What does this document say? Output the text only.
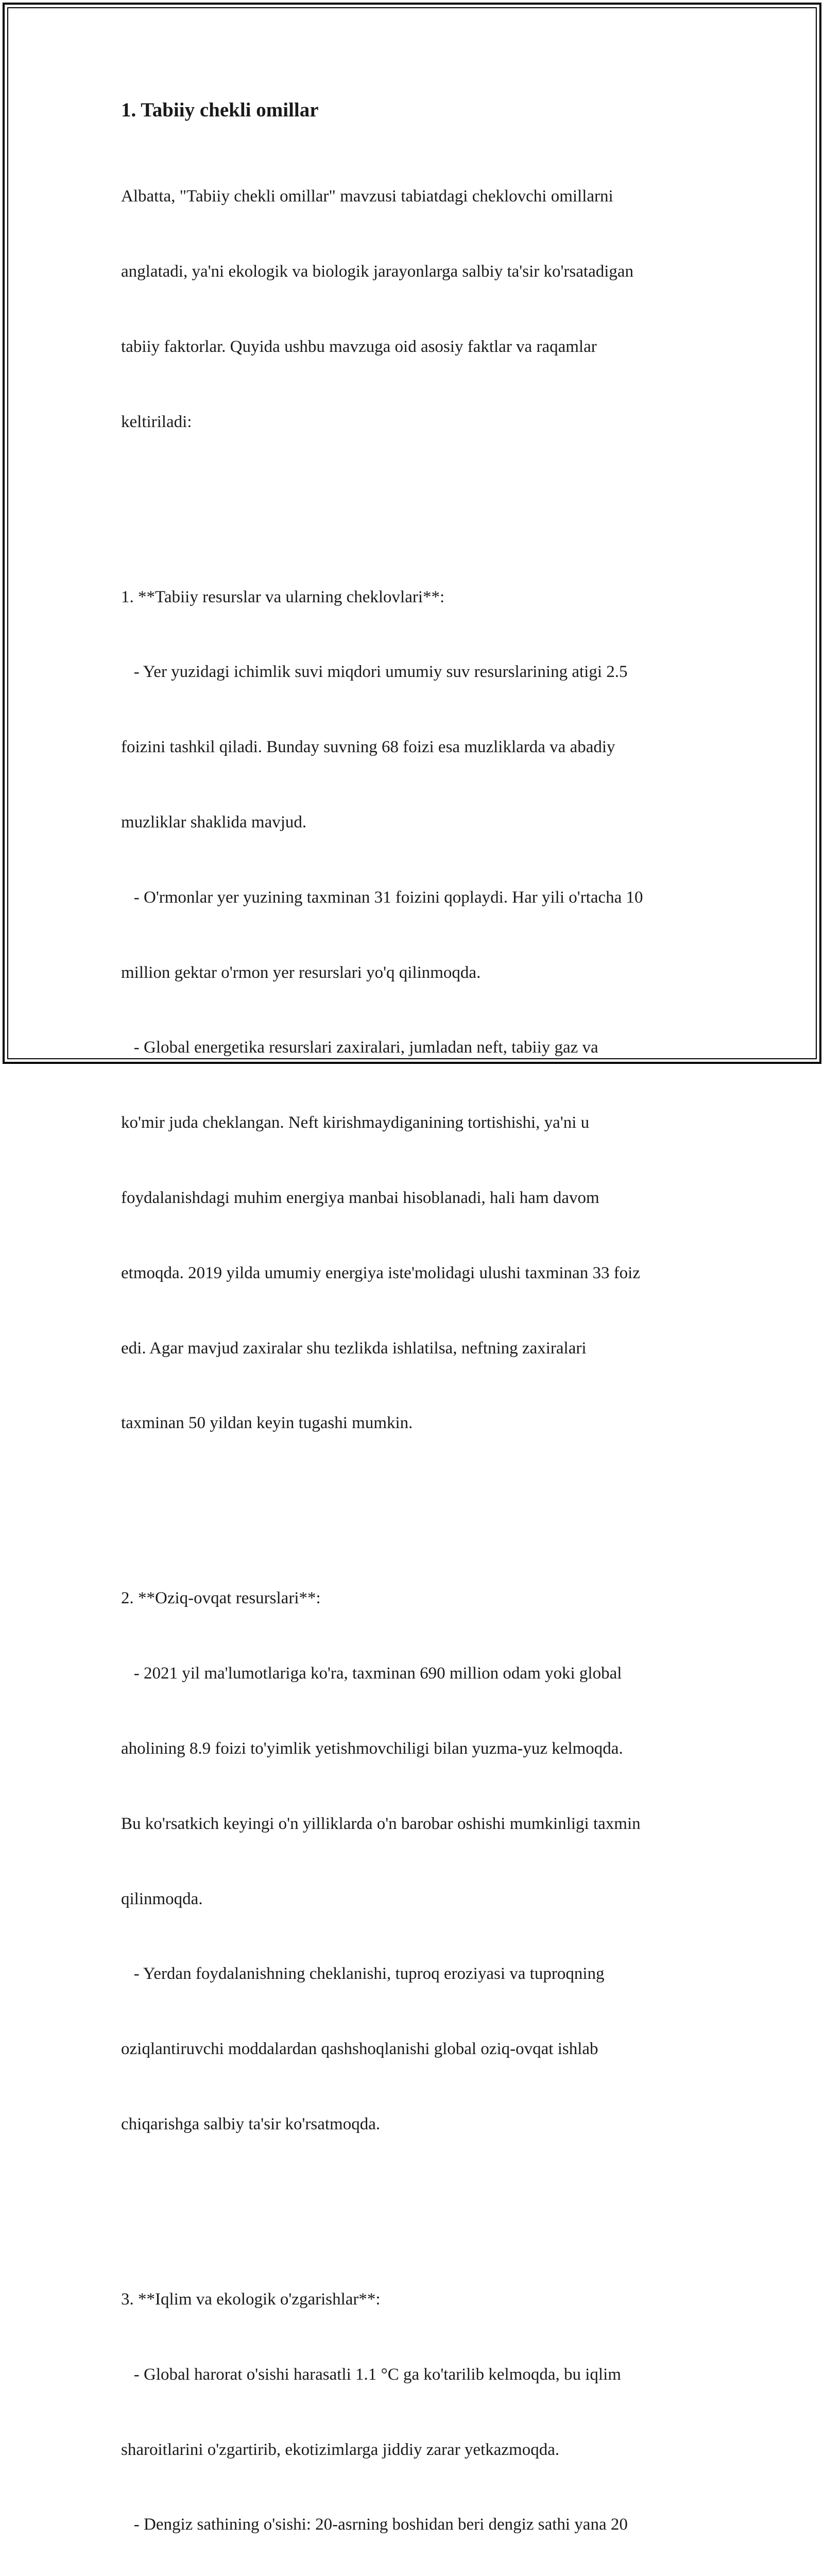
1. Tabiiy chekli omillar

Albatta, "Tabiiy chekli omillar" mavzusi tabiatdagi cheklovchi omillarni

anglatadi, ya'ni ekologik va biologik jarayonlarga salbiy ta'sir ko'rsatadigan

tabiiy faktorlar. Quyida ushbu mavzuga oid asosiy faktlar va raqamlar

keltiriladi:

1. **Tabiiy resurslar va ularning cheklovlari**:

- Yer yuzidagi ichimlik suvi miqdori umumiy suv resurslarining atigi 2.5

foizini tashkil qiladi. Bunday suvning 68 foizi esa muzliklarda va abadiy

muzliklar shaklida mavjud.

- O'rmonlar yer yuzining taxminan 31 foizini qoplaydi. Har yili o'rtacha 10

million gektar o'rmon yer resurslari yo'q qilinmoqda.

- Global energetika resurslari zaxiralari, jumladan neft, tabiiy gaz va

ko'mir juda cheklangan. Neft kirishmaydiganining tortishishi, ya'ni u

foydalanishdagi muhim energiya manbai hisoblanadi, hali ham davom

etmoqda. 2019 yilda umumiy energiya iste'molidagi ulushi taxminan 33 foiz

edi. Agar mavjud zaxiralar shu tezlikda ishlatilsa, neftning zaxiralari

taxminan 50 yildan keyin tugashi mumkin.

2. **Oziq-ovqat resurslari**:

- 2021 yil ma'lumotlariga ko'ra, taxminan 690 million odam yoki global

aholining 8.9 foizi to'yimlik yetishmovchiligi bilan yuzma-yuz kelmoqda.

Bu ko'rsatkich keyingi o'n yilliklarda o'n barobar oshishi mumkinligi taxmin

qilinmoqda.

- Yerdan foydalanishning cheklanishi, tuproq eroziyasi va tuproqning

oziqlantiruvchi moddalardan qashshoqlanishi global oziq-ovqat ishlab

chiqarishga salbiy ta'sir ko'rsatmoqda.

3. **Iqlim va ekologik o'zgarishlar**:

- Global harorat o'sishi harasatli 1.1 °C ga ko'tarilib kelmoqda, bu iqlim

sharoitlarini o'zgartirib, ekotizimlarga jiddiy zarar yetkazmoqda.

- Dengiz sathining o'sishi: 20-asrning boshidan beri dengiz sathi yana 20
